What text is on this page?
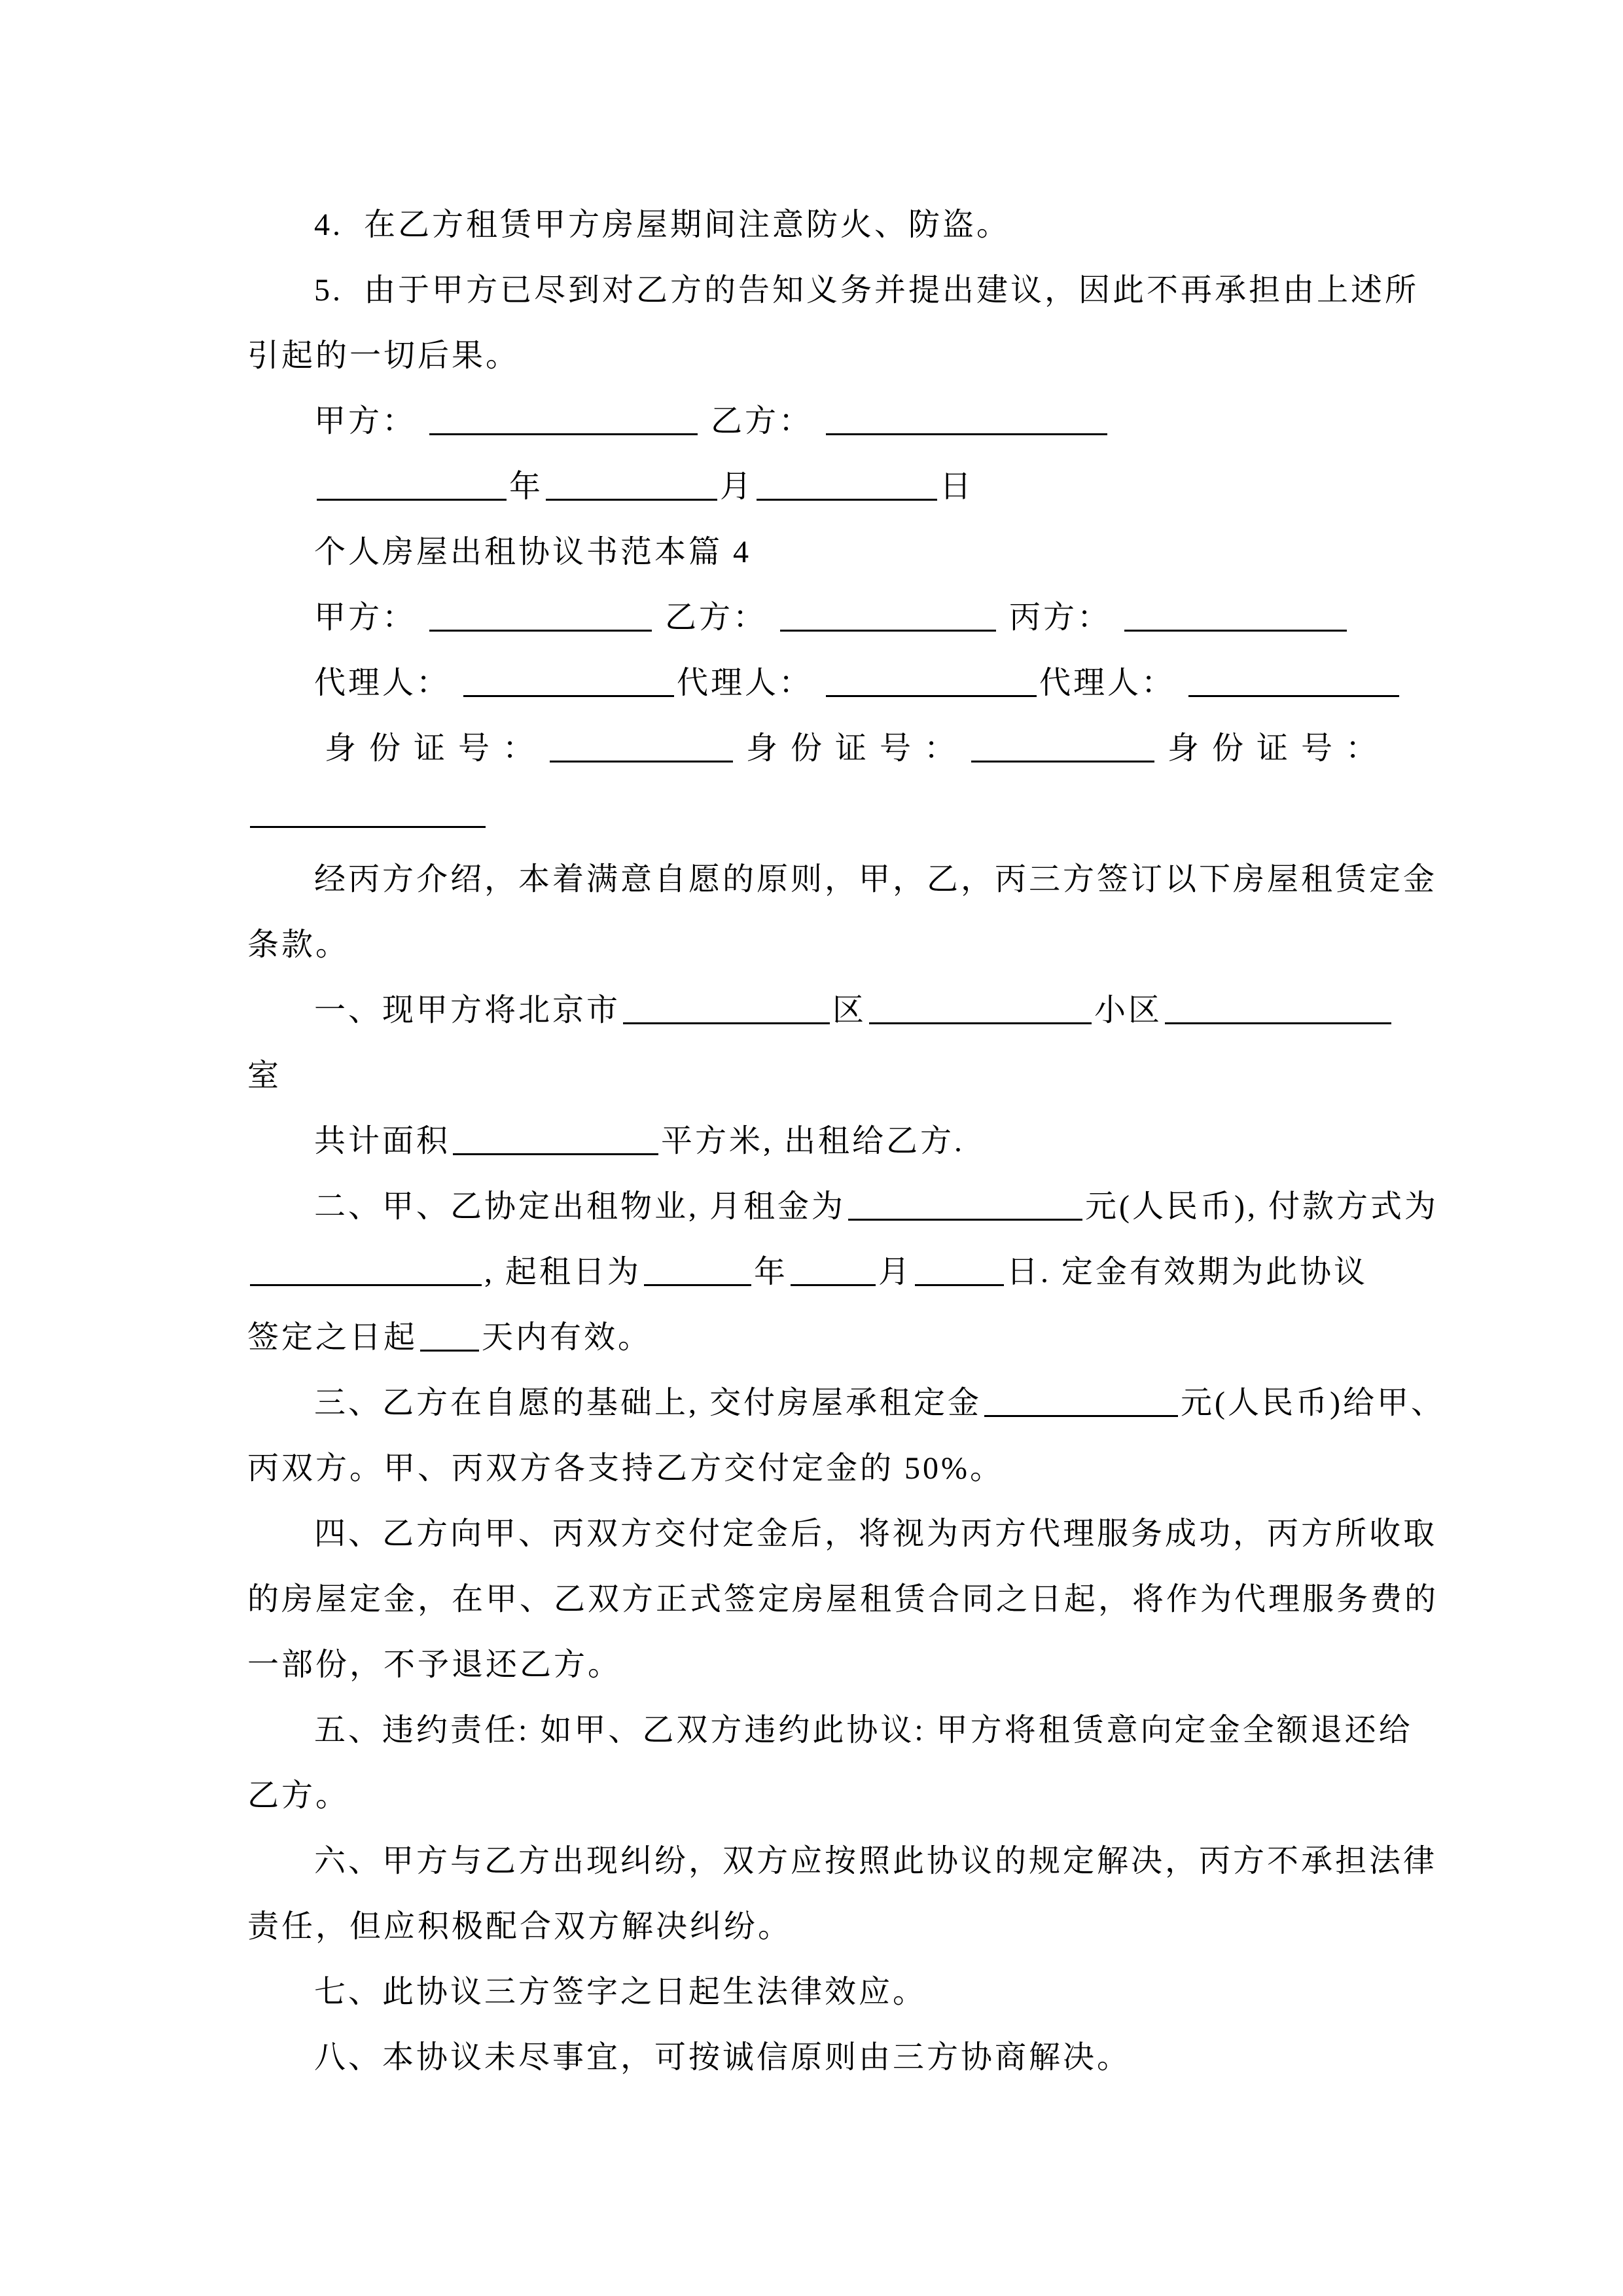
4.  在乙方租赁甲方房屋期间注意防火、防盗。
5.  由于甲方已尽到对乙方的告知义务并提出建议，因此不再承担由上述所
引起的一切后果。
甲方：	乙方：
年	月	日
个人房屋出租协议书范本篇 4
甲方：	乙方：	丙方：
代理人：	代理人：	代理人：
身 份 证 号 ：	身 份 证 号 ：	身 份 证 号 ：
经丙方介绍，本着满意自愿的原则，甲，乙，丙三方签订以下房屋租赁定金
条款。
一、现甲方将北京市	区	小区
室
共计面积	平方米, 出租给乙方.
二、甲、乙协定出租物业, 月租金为	元(人民币), 付款方式为
, 起租日为	年	月	日. 定金有效期为此协议
签定之日起 天内有效。
三、乙方在自愿的基础上, 交付房屋承租定金	元(人民币)给甲、
丙双方。甲、丙双方各支持乙方交付定金的 50%。
四、乙方向甲、丙双方交付定金后，将视为丙方代理服务成功，丙方所收取
的房屋定金，在甲、乙双方正式签定房屋租赁合同之日起，将作为代理服务费的
一部份，不予退还乙方。
五、违约责任: 如甲、乙双方违约此协议: 甲方将租赁意向定金全额退还给
乙方。
六、甲方与乙方出现纠纷，双方应按照此协议的规定解决，丙方不承担法律
责任，但应积极配合双方解决纠纷。
七、此协议三方签字之日起生法律效应。
八、本协议未尽事宜，可按诚信原则由三方协商解决。
